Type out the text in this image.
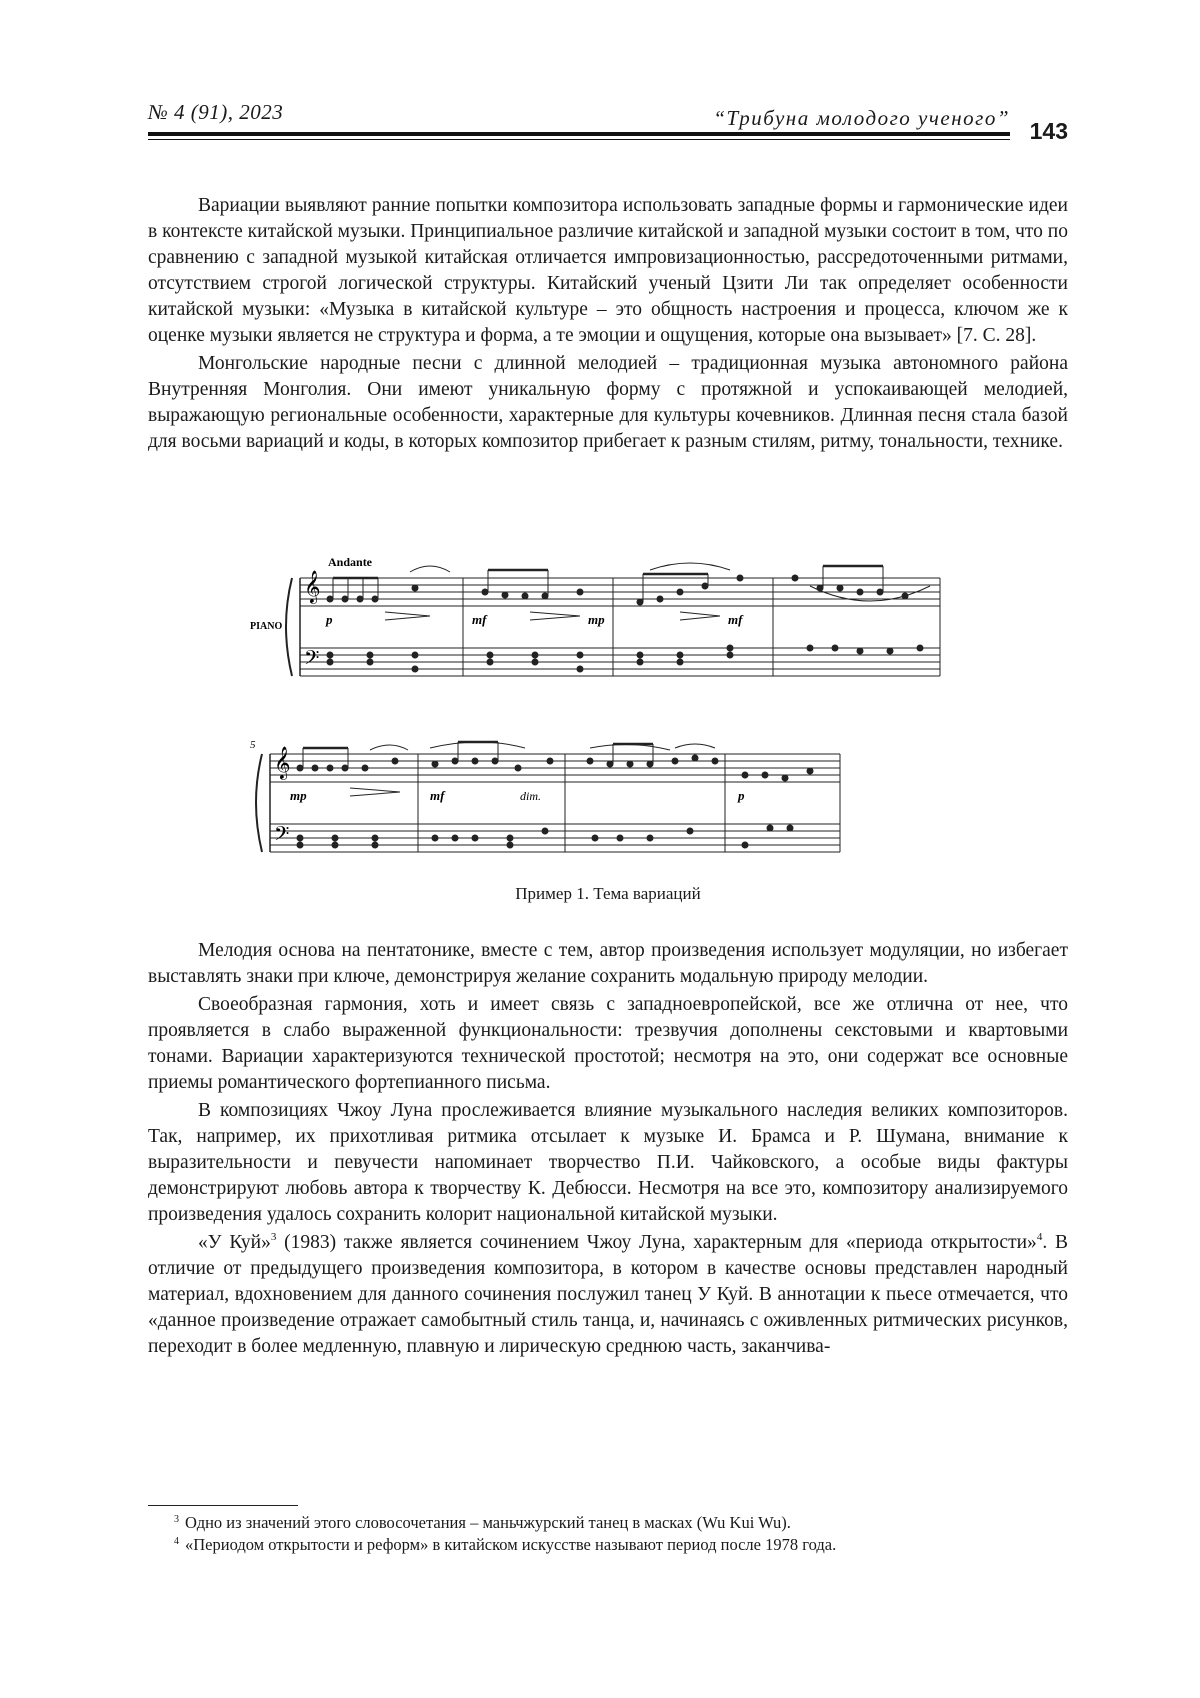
№ 4 (91), 2023	“Трибуна молодого ученого” 143

Вариации выявляют ранние попытки композитора использовать западные формы и гармонические идеи в контексте китайской музыки. Принципиальное различие китайской и западной музыки состоит в том, что по сравнению с западной музыкой китайская отличается импровизационностью, рассредоточенными ритмами, отсутствием строгой логической структуры. Китайский ученый Цзити Ли так определяет особенности китайской музыки: «Музыка в китайской культуре – это общность настроения и процесса, ключом же к оценке музыки является не структура и форма, а те эмоции и ощущения, которые она вызывает» [7. С. 28].

Монгольские народные песни с длинной мелодией – традиционная музыка автономного района Внутренняя Монголия. Они имеют уникальную форму с протяжной и успокаивающей мелодией, выражающую региональные особенности, характерные для культуры кочевников. Длинная песня стала базой для восьми вариаций и коды, в которых композитор прибегает к разным стилям, ритму, тональности, технике.

Andante
PIANO
𝄞
𝄢
p	mf	mp	mf
5
𝄞
𝄢
mp	mf	dim.	p
Пример 1. Тема вариаций

Мелодия основа на пентатонике, вместе с тем, автор произведения использует модуляции, но избегает выставлять знаки при ключе, демонстрируя желание сохранить модальную природу мелодии.

Своеобразная гармония, хоть и имеет связь с западноевропейской, все же отлична от нее, что проявляется в слабо выраженной функциональности: трезвучия дополнены секстовыми и квартовыми тонами. Вариации характеризуются технической простотой; несмотря на это, они содержат все основные приемы романтического фортепианного письма.

В композициях Чжоу Луна прослеживается влияние музыкального наследия великих композиторов. Так, например, их прихотливая ритмика отсылает к музыке И. Брамса и Р. Шумана, внимание к выразительности и певучести напоминает творчество П.И. Чайковского, а особые виды фактуры демонстрируют любовь автора к творчеству К. Дебюсси. Несмотря на все это, композитору анализируемого произведения удалось сохранить колорит национальной китайской музыки.

«У Куй»$^3$ (1983) также является сочинением Чжоу Луна, характерным для «периода открытости»$^4$. В отличие от предыдущего произведения композитора, в котором в качестве основы представлен народный материал, вдохновением для данного сочинения послужил танец У Куй. В аннотации к пьесе отмечается, что «данное произведение отражает самобытный стиль танца, и, начинаясь с оживленных ритмических рисунков, переходит в более медленную, плавную и лирическую среднюю часть, заканчива-

$^3$ Одно из значений этого словосочетания – маньчжурский танец в масках (Wu Kui Wu).
$^4$ «Периодом открытости и реформ» в китайском искусстве называют период после 1978 года.
